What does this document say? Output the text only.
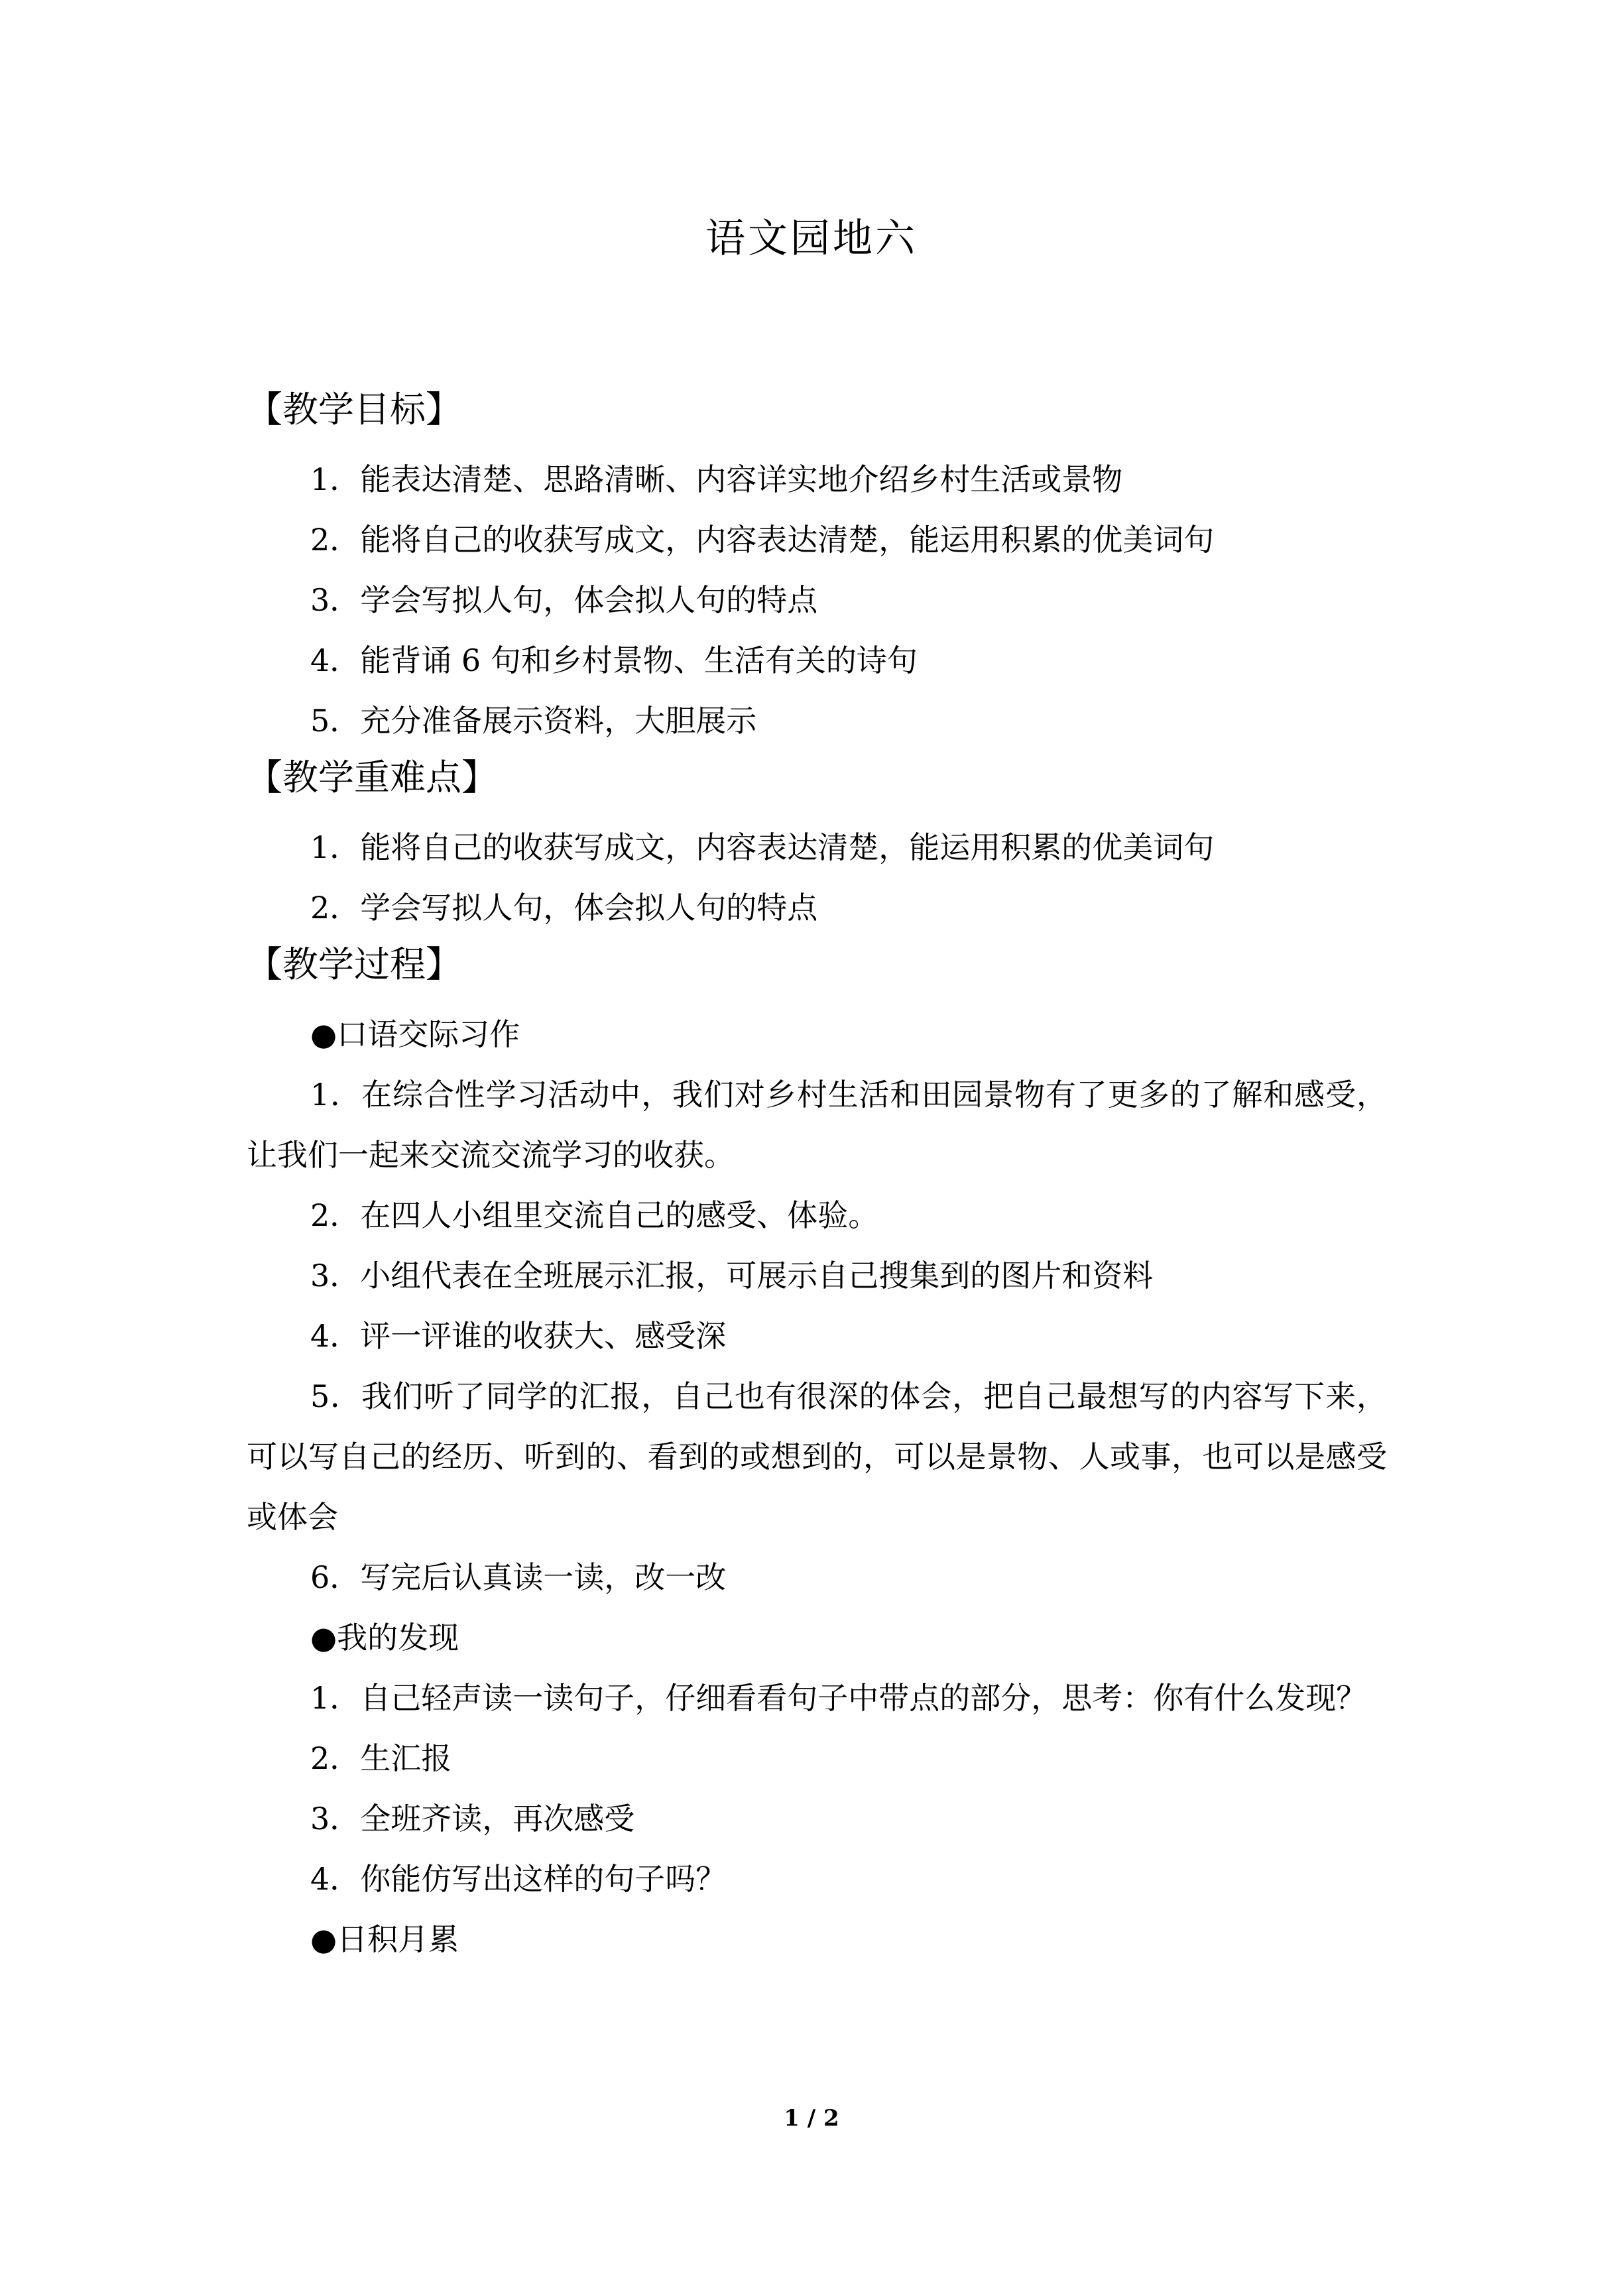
语文园地六
【教学目标】
1．能表达清楚、思路清晰、内容详实地介绍乡村生活或景物
2．能将自己的收获写成文，内容表达清楚，能运用积累的优美词句
3．学会写拟人句，体会拟人句的特点
4．能背诵 6 句和乡村景物、生活有关的诗句
5．充分准备展示资料，大胆展示
【教学重难点】
1．能将自己的收获写成文，内容表达清楚，能运用积累的优美词句
2．学会写拟人句，体会拟人句的特点
【教学过程】

●口语交际习作

1．在综合性学习活动中，我们对乡村生活和田园景物有了更多的了解和感受，让我们一起来交流交流学习的收获。

2．在四人小组里交流自己的感受、体验。

3．小组代表在全班展示汇报，可展示自己搜集到的图片和资料

4．评一评谁的收获大、感受深

5．我们听了同学的汇报，自己也有很深的体会，把自己最想写的内容写下来，可以写自己的经历、听到的、看到的或想到的，可以是景物、人或事，也可以是感受或体会

6．写完后认真读一读，改一改

●我的发现

1．自己轻声读一读句子，仔细看看句子中带点的部分，思考：你有什么发现？

2．生汇报

3．全班齐读，再次感受

4．你能仿写出这样的句子吗？

●日积月累

1 / 2
